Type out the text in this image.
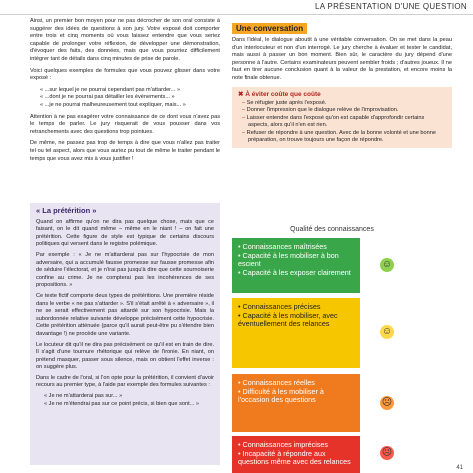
LA PRÉSENTATION D'UNE QUESTION

Ainsi, un premier bon moyen pour ne pas décrocher de son oral consiste à suggérer des idées de questions à son jury. Votre exposé doit comporter entre trois et cinq moments où vous laissez entendre que vous seriez capable de prolonger votre réflexion, de développer une démonstration, d'évoquer des faits, des données, mais que vous pourriez difficilement intégrer tant de détails dans cinq minutes de prise de parole.

Voici quelques exemples de formules que vous pouvez glisser dans votre exposé :

« ...sur lequel je ne pourrai cependant pas m'attarder... »
« ...dont je ne pourrai pas détailler les événements... »
« ...je ne pourrai malheureusement tout expliquer, mais... »

Attention à ne pas exagérer votre connaissance de ce dont vous n'avez pas le temps de parler. Le jury risquerait de vous pousser dans vos retranchements avec des questions trop pointues.

De même, ne passez pas trop de temps à dire que vous n'allez pas traiter tel ou tel aspect, alors que vous auriez pu tout de même le traiter pendant le temps que vous avez mis à vous justifier !

« La prétérition »

Quand on affirme qu'on ne dira pas quelque chose, mais que ce faisant, on le dit quand même – même en le niant ! – on fait une prétérition. Cette figure de style est typique de certains discours politiques qui versent dans le registre polémique.

Par exemple : « Je ne m'attarderai pas sur l'hypocrisie de mon adversaire, qui a accumulé fausse promesse sur fausse promesse afin de séduire l'électorat, et je n'irai pas jusqu'à dire que cette sournoiserie confine au crime. Je ne compterai pas les incohérences de ses propositions. »

Ce texte fictif comporte deux types de prétéritions. Une première réside dans le verbe « ne pas s'attarder ». S'il s'était arrêté à « adversaire », il ne se serait effectivement pas attardé sur son hypocrisie. Mais la subordonnée relative suivante développe précisément cette hypocrisie. Cette prétérition atténuée (parce qu'il aurait peut-être pu s'étendre bien davantage !) ne procède une variante.

Le locuteur dit qu'il ne dira pas précisément ce qu'il est en train de dire. Il s'agit d'une tournure rhétorique qui relève de l'ironie. En niant, on prétend masquer, passer sous silence, mais on obtient l'effet inverse : on suggère plus.

Dans le cadre de l'oral, si l'on opte pour la prétérition, il convient d'avoir recours au premier type, à l'aide par exemple des formules suivantes :

« Je ne m'attarderai pas sur... »
« Je ne m'étendrai pas sur ce point précis, si bien que sont... »
Une conversation

Dans l'idéal, le dialogue aboutit à une véritable conversation. On se met dans la peau d'un interlocuteur et non d'un interrogé. Le jury cherche à évaluer et tester le candidat, mais aussi à passer un bon moment. Bien sûr, le caractère du jury dépend d'une personne à l'autre. Certains examinateurs peuvent sembler froids ; d'autres joueux. Il ne faut en tirer aucune conclusion quant à la valeur de la prestation, et encore moins la note finale obtenue.

✖ À éviter coûte que coûte
– Se réfugier juste après l'exposé.
– Donner l'impression que le dialogue relève de l'improvisation.
– Laisser entendre dans l'exposé qu'on est capable d'approfondir certains aspects, alors qu'il n'en est rien.
– Refuser de répondre à une question. Avec de la bonne volonté et une bonne préparation, on trouve toujours une façon de répondre.
Qualité des connaissances

• Connaissances maîtrisées

• Capacité à les mobiliser à bon escient

• Capacité à les exposer clairement

☺

• Connaissances précises

• Capacité à les mobiliser, avec éventuellement des relances

☺

• Connaissances réelles

• Difficulté à les mobiliser à l'occasion des questions	☹

• Connaissances imprécises

• Incapacité à répondre aux questions même avec des relances

☹
41
